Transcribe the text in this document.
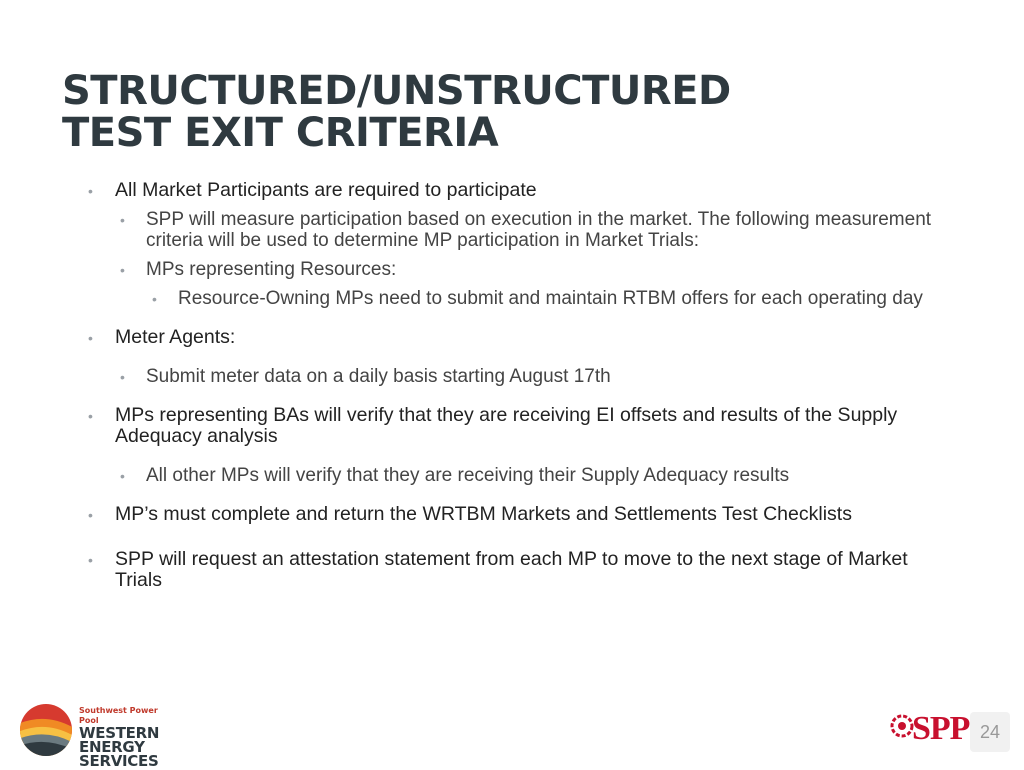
STRUCTURED/UNSTRUCTURED
TEST EXIT CRITERIA
• All Market Participants are required to participate
• SPP will measure participation based on execution in the market. The following measurement criteria will be used to determine MP participation in Market Trials:
• MPs representing Resources:
• Resource-Owning MPs need to submit and maintain RTBM offers for each operating day
• Meter Agents:
• Submit meter data on a daily basis starting August 17th
• MPs representing BAs will verify that they are receiving EI offsets and results of the Supply Adequacy analysis
• All other MPs will verify that they are receiving their Supply Adequacy results
• MP’s must complete and return the WRTBM Markets and Settlements Test Checklists
• SPP will request an attestation statement from each MP to move to the next stage of Market Trials
Southwest Power Pool
WESTERN
ENERGY
SERVICES
SPP 24
